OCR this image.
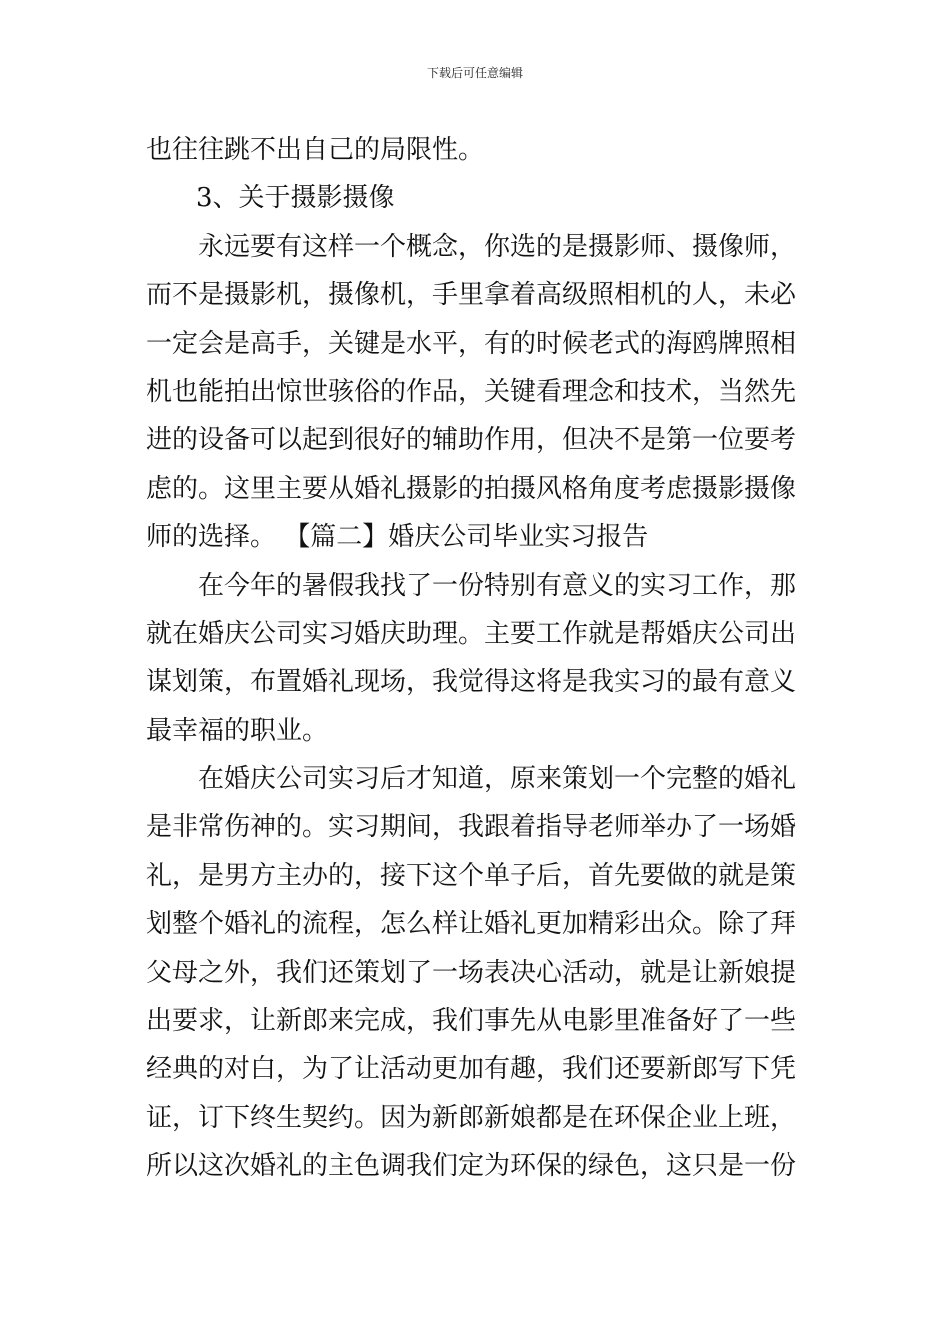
下载后可任意编辑
也往往跳不出自己的局限性。
3、关于摄影摄像
永远要有这样一个概念，你选的是摄影师、摄像师，
而不是摄影机，摄像机，手里拿着高级照相机的人，未必
一定会是高手，关键是水平，有的时候老式的海鸥牌照相
机也能拍出惊世骇俗的作品，关键看理念和技术，当然先
进的设备可以起到很好的辅助作用，但决不是第一位要考
虑的。这里主要从婚礼摄影的拍摄风格角度考虑摄影摄像
师的选择。 【篇二】婚庆公司毕业实习报告
在今年的暑假我找了一份特别有意义的实习工作，那
就在婚庆公司实习婚庆助理。主要工作就是帮婚庆公司出
谋划策，布置婚礼现场，我觉得这将是我实习的最有意义
最幸福的职业。
在婚庆公司实习后才知道，原来策划一个完整的婚礼
是非常伤神的。实习期间，我跟着指导老师举办了一场婚
礼，是男方主办的，接下这个单子后，首先要做的就是策
划整个婚礼的流程，怎么样让婚礼更加精彩出众。除了拜
父母之外，我们还策划了一场表决心活动，就是让新娘提
出要求，让新郎来完成，我们事先从电影里准备好了一些
经典的对白，为了让活动更加有趣，我们还要新郎写下凭
证，订下终生契约。因为新郎新娘都是在环保企业上班，
所以这次婚礼的主色调我们定为环保的绿色，这只是一份
